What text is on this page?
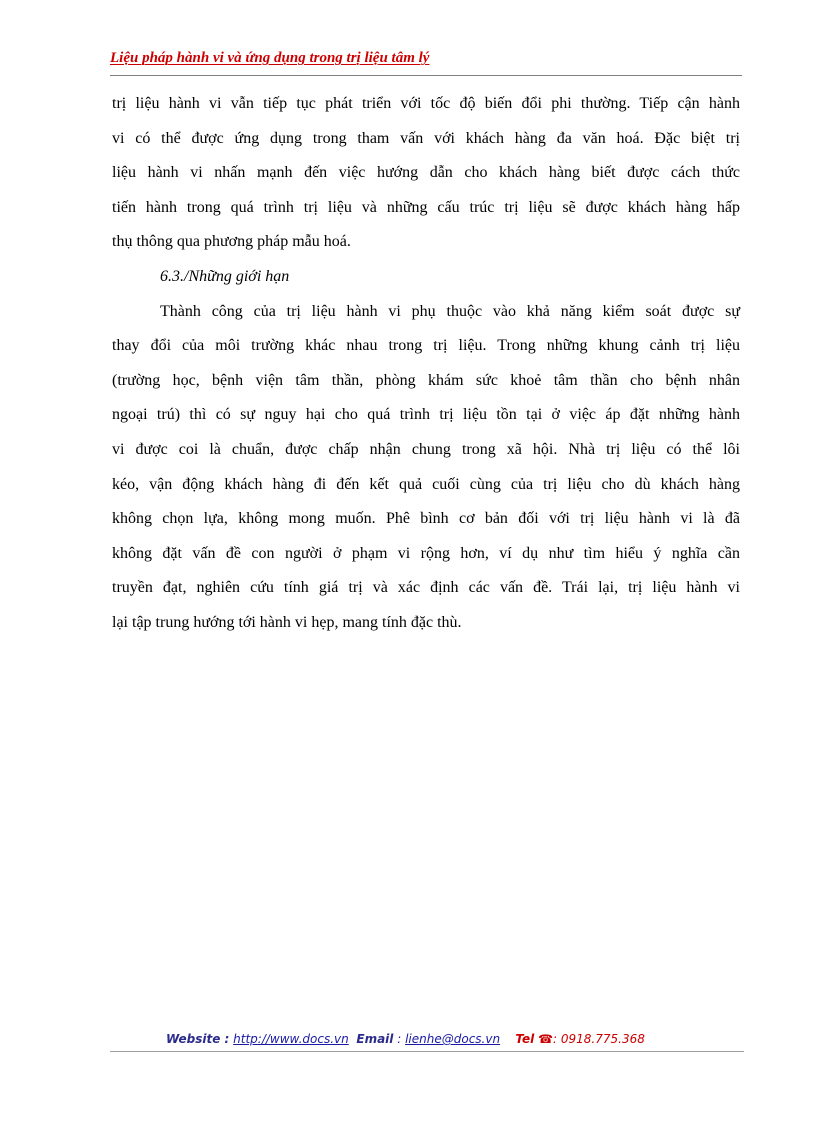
Liệu pháp hành vi và ứng dụng trong trị liệu tâm lý
trị liệu hành vi vẫn tiếp tục phát triển với tốc độ biến đổi phi thường. Tiếp cận hành
vi có thể được ứng dụng trong tham vấn với khách hàng đa văn hoá. Đặc biệt trị
liệu hành vi nhấn mạnh đến việc hướng dẫn cho khách hàng biết được cách thức
tiến hành trong quá trình trị liệu và những cấu trúc trị liệu sẽ được khách hàng hấp
thụ thông qua phương pháp mẫu hoá.
6.3./Những giới hạn
Thành công của trị liệu hành vi phụ thuộc vào khả năng kiểm soát được sự
thay đổi của môi trường khác nhau trong trị liệu. Trong những khung cảnh trị liệu
(trường học, bệnh viện tâm thần, phòng khám sức khoẻ tâm thần cho bệnh nhân
ngoại trú) thì có sự nguy hại cho quá trình trị liệu tồn tại ở việc áp đặt những hành
vi được coi là chuẩn, được chấp nhận chung trong xã hội. Nhà trị liệu có thể lôi
kéo, vận động khách hàng đi đến kết quả cuối cùng của trị liệu cho dù khách hàng
không chọn lựa, không mong muốn. Phê bình cơ bản đối với trị liệu hành vi là đã
không đặt vấn đề con người ở phạm vi rộng hơn, ví dụ như tìm hiểu ý nghĩa cần
truyền đạt, nghiên cứu tính giá trị và xác định các vấn đề. Trái lại, trị liệu hành vi
lại tập trung hướng tới hành vi hẹp, mang tính đặc thù.
Website : http://www.docs.vn Email : lienhe@docs.vn Tel ☎: 0918.775.368
